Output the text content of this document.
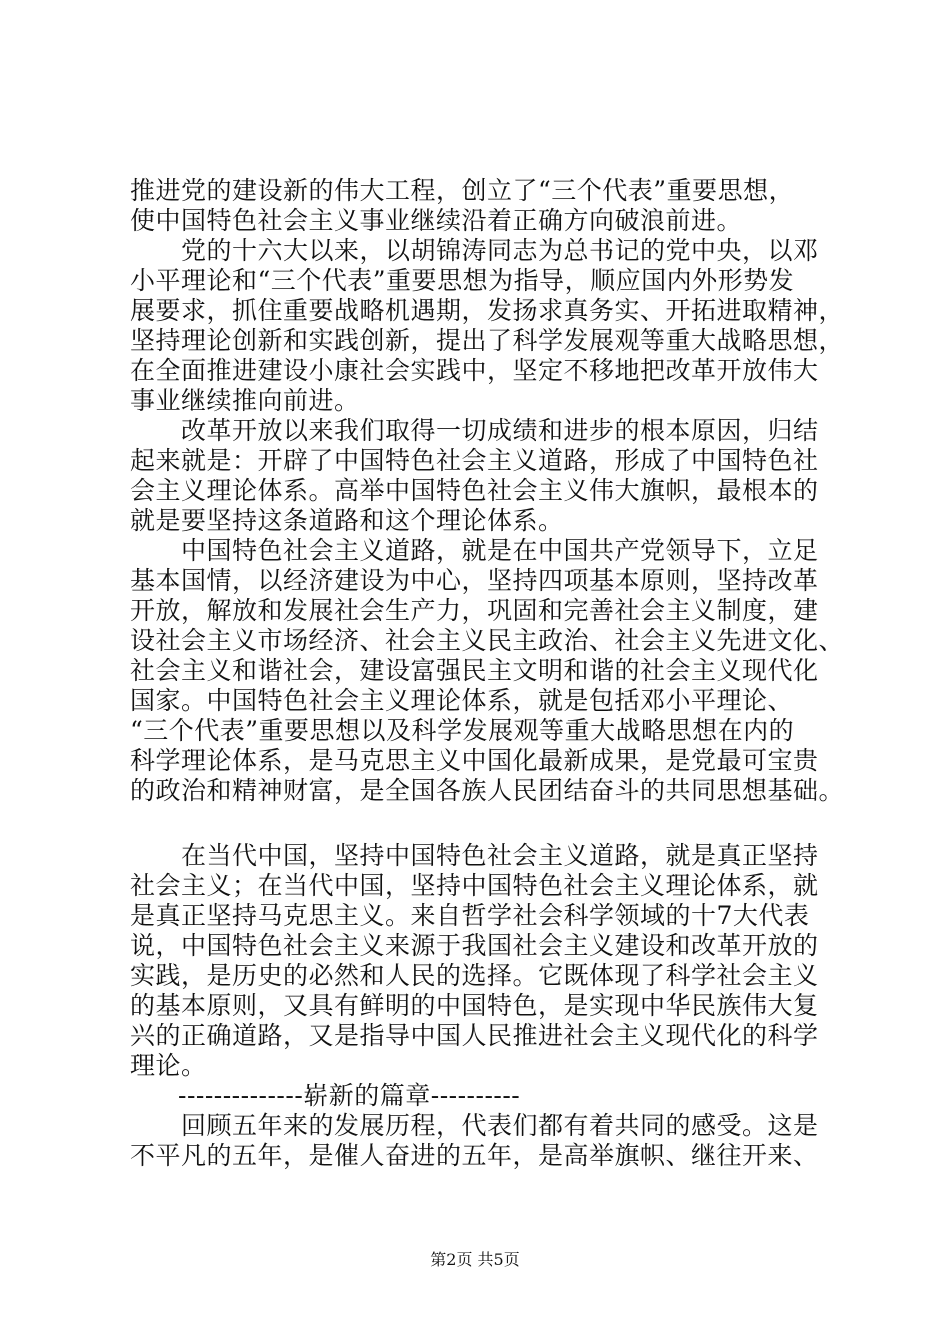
推进党的建设新的伟大工程，创立了“三个代表”重要思想，
使中国特色社会主义事业继续沿着正确方向破浪前进。
党的十六大以来，以胡锦涛同志为总书记的党中央，以邓
小平理论和“三个代表”重要思想为指导，顺应国内外形势发
展要求，抓住重要战略机遇期，发扬求真务实、开拓进取精神，
坚持理论创新和实践创新，提出了科学发展观等重大战略思想，
在全面推进建设小康社会实践中，坚定不移地把改革开放伟大
事业继续推向前进。
改革开放以来我们取得一切成绩和进步的根本原因，归结
起来就是：开辟了中国特色社会主义道路，形成了中国特色社
会主义理论体系。高举中国特色社会主义伟大旗帜，最根本的
就是要坚持这条道路和这个理论体系。
中国特色社会主义道路，就是在中国共产党领导下，立足
基本国情，以经济建设为中心，坚持四项基本原则，坚持改革
开放，解放和发展社会生产力，巩固和完善社会主义制度，建
设社会主义市场经济、社会主义民主政治、社会主义先进文化、
社会主义和谐社会，建设富强民主文明和谐的社会主义现代化
国家。中国特色社会主义理论体系，就是包括邓小平理论、
“三个代表”重要思想以及科学发展观等重大战略思想在内的
科学理论体系，是马克思主义中国化最新成果，是党最可宝贵
的政治和精神财富，是全国各族人民团结奋斗的共同思想基础。
在当代中国，坚持中国特色社会主义道路，就是真正坚持
社会主义；在当代中国，坚持中国特色社会主义理论体系，就
是真正坚持马克思主义。来自哲学社会科学领域的十7大代表
说，中国特色社会主义来源于我国社会主义建设和改革开放的
实践，是历史的必然和人民的选择。它既体现了科学社会主义
的基本原则，又具有鲜明的中国特色，是实现中华民族伟大复
兴的正确道路，又是指导中国人民推进社会主义现代化的科学
理论。
--------------崭新的篇章----------
回顾五年来的发展历程，代表们都有着共同的感受。这是
不平凡的五年，是催人奋进的五年，是高举旗帜、继往开来、
第2页 共5页
